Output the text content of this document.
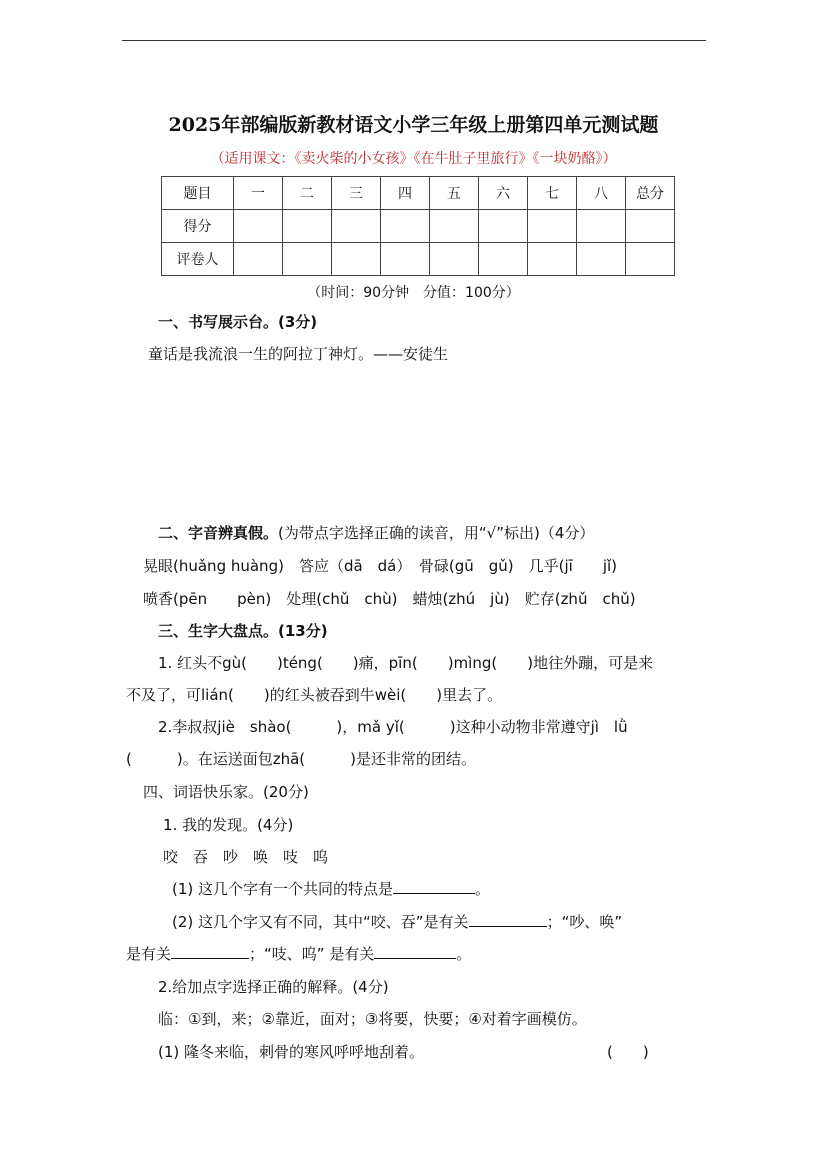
2025年部编版新教材语文小学三年级上册第四单元测试题
（适用课文：《卖火柴的小女孩》《在牛肚子里旅行》《一块奶酪》）
题目	一	二	三	四	五	六	七	八	总分
得分									
评卷人									
（时间：90分钟　分值：100分）
一、书写展示台。(3分)
童话是我流浪一生的阿拉丁神灯。——安徒生
二、字音辨真假。(为带点字选择正确的读音，用“√”标出)（4分）
晃眼(huǎng huàng)　答应（dā　dá）　骨碌(gū　gǔ)　几乎(jī　　jǐ)
喷香(pēn　　pèn)　处理(chǔ　chù)　蜡烛(zhú　jù)　贮存(zhǔ　chǔ)
三、生字大盘点。(13分)
1. 红头不gù(　　)téng(　　)痛，pīn(　　)mìng(　　)地往外蹦，可是来
不及了，可lián(　　)的红头被吞到牛wèi(　　)里去了。
2.李叔叔jiè　shào(　　　)，mǎ yǐ(　　　)这种小动物非常遵守jì　lǜ
(　　　)。在运送面包zhā(　　　)是还非常的团结。
四、词语快乐家。(20分)
1. 我的发现。(4分)
咬　吞　吵　唤　吱　呜
(1) 这几个字有一个共同的特点是	。
(2) 这几个字又有不同，其中“咬、吞”是有关	；“吵、唤”
是有关	；“吱、呜” 是有关	。
2.给加点字选择正确的解释。(4分)
临：①到，来；②靠近，面对；③将要，快要；④对着字画模仿。
(1) 隆冬来临，刺骨的寒风呼呼地刮着。	(　　)
